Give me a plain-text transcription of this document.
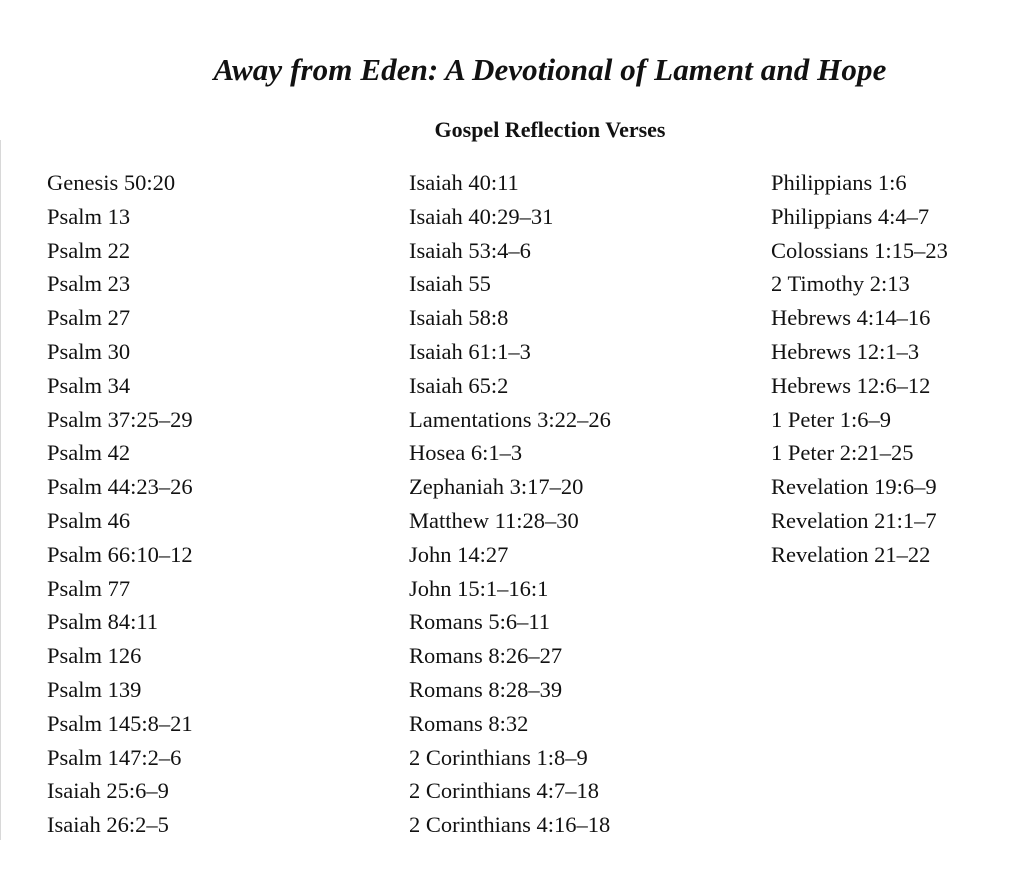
Away from Eden: A Devotional of Lament and Hope
Gospel Reflection Verses
Genesis 50:20
Psalm 13
Psalm 22
Psalm 23
Psalm 27
Psalm 30
Psalm 34
Psalm 37:25–29
Psalm 42
Psalm 44:23–26
Psalm 46
Psalm 66:10–12
Psalm 77
Psalm 84:11
Psalm 126
Psalm 139
Psalm 145:8–21
Psalm 147:2–6
Isaiah 25:6–9
Isaiah 26:2–5
Isaiah 40:11
Isaiah 40:29–31
Isaiah 53:4–6
Isaiah 55
Isaiah 58:8
Isaiah 61:1–3
Isaiah 65:2
Lamentations 3:22–26
Hosea 6:1–3
Zephaniah 3:17–20
Matthew 11:28–30
John 14:27
John 15:1–16:1
Romans 5:6–11
Romans 8:26–27
Romans 8:28–39
Romans 8:32
2 Corinthians 1:8–9
2 Corinthians 4:7–18
2 Corinthians 4:16–18
Philippians 1:6
Philippians 4:4–7
Colossians 1:15–23
2 Timothy 2:13
Hebrews 4:14–16
Hebrews 12:1–3
Hebrews 12:6–12
1 Peter 1:6–9
1 Peter 2:21–25
Revelation 19:6–9
Revelation 21:1–7
Revelation 21–22
